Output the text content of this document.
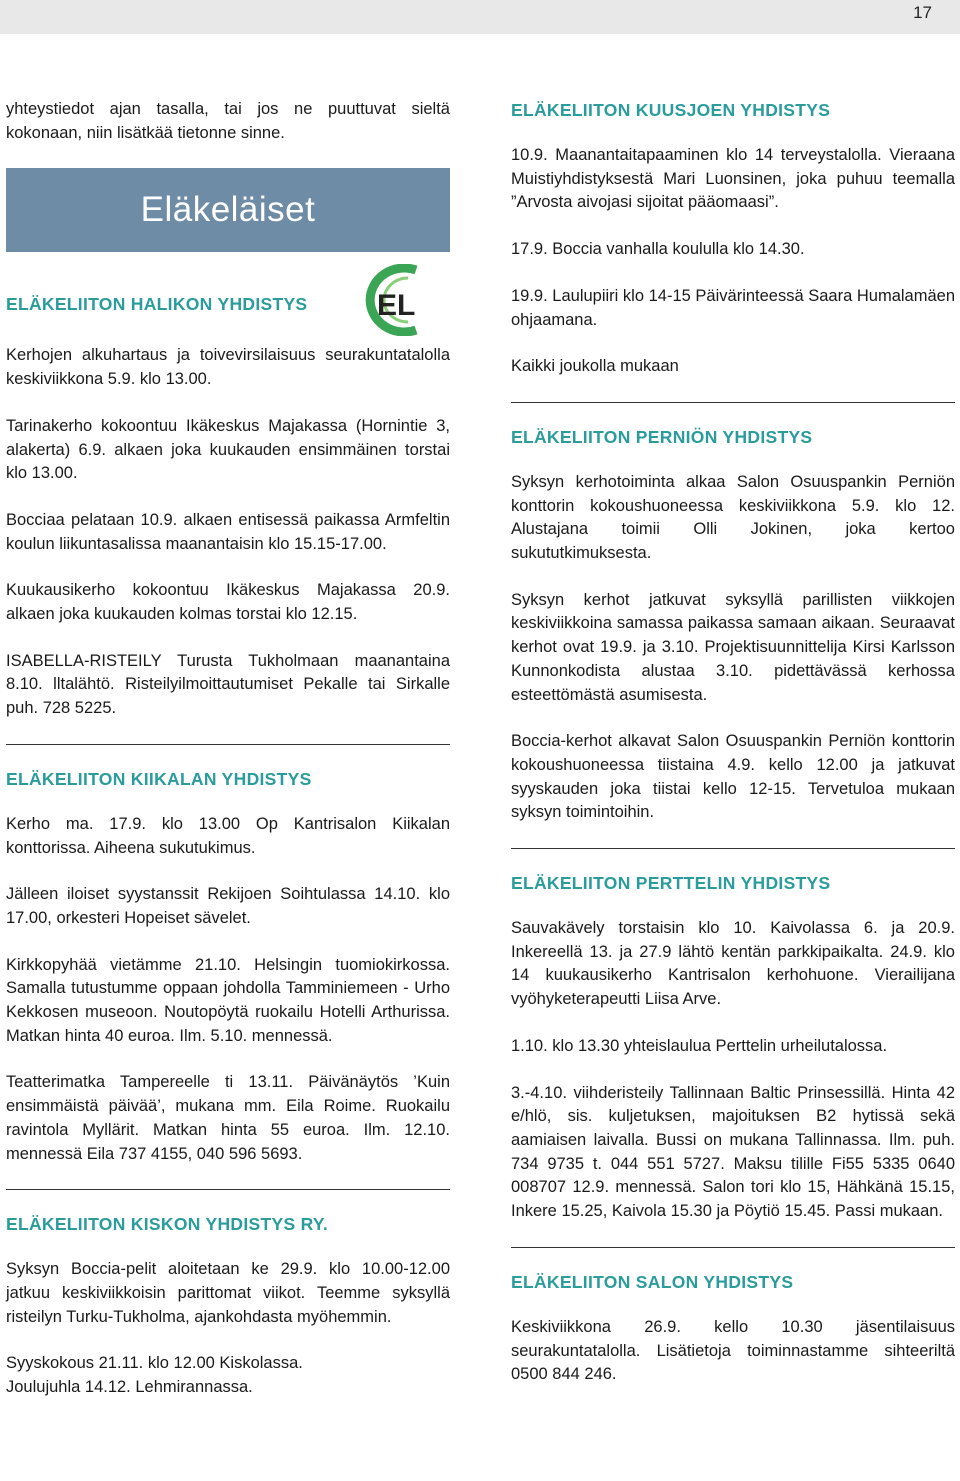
17

yhteystiedot ajan tasalla, tai jos ne puuttuvat sieltä kokonaan, niin lisätkää tietonne sinne.

Eläkeläiset
ELÄKELIITON HALIKON YHDISTYS EL

Kerhojen alkuhartaus ja toivevirsilaisuus seurakuntatalolla keskiviikkona 5.9. klo 13.00.

Tarinakerho kokoontuu Ikäkeskus Majakassa (Hornintie 3, alakerta) 6.9. alkaen joka kuukauden ensimmäinen torstai klo 13.00.

Bocciaa pelataan 10.9. alkaen entisessä paikassa Armfeltin koulun liikuntasalissa maanantaisin klo 15.15-17.00.

Kuukausikerho kokoontuu Ikäkeskus Majakassa 20.9. alkaen joka kuukauden kolmas torstai klo 12.15.

ISABELLA-RISTEILY Turusta Tukholmaan maanantaina 8.10. lltalähtö. Risteilyilmoittautumiset Pekalle tai Sirkalle puh. 728 5225.

ELÄKELIITON KIIKALAN YHDISTYS

Kerho ma. 17.9. klo 13.00 Op Kantrisalon Kiikalan konttorissa. Aiheena sukutukimus.

Jälleen iloiset syystanssit Rekijoen Soihtulassa 14.10. klo 17.00, orkesteri Hopeiset sävelet.

Kirkkopyhää vietämme 21.10. Helsingin tuomiokirkossa. Samalla tutustumme oppaan johdolla Tamminiemeen - Urho Kekkosen museoon. Noutopöytä ruokailu Hotelli Arthurissa. Matkan hinta 40 euroa. Ilm. 5.10. mennessä.

Teatterimatka Tampereelle ti 13.11. Päivänäytös ’Kuin ensimmäistä päivää’, mukana mm. Eila Roime. Ruokailu ravintola Myllärit. Matkan hinta 55 euroa. Ilm. 12.10. mennessä Eila 737 4155, 040 596 5693.

ELÄKELIITON KISKON YHDISTYS RY.

Syksyn Boccia-pelit aloitetaan ke 29.9. klo 10.00-12.00 jatkuu keskiviikkoisin parittomat viikot. Teemme syksyllä risteilyn Turku-Tukholma, ajankohdasta myöhemmin.

Syyskokous 21.11. klo 12.00 Kiskolassa.
Joulujuhla 14.12. Lehmirannassa.

ELÄKELIITON KUUSJOEN YHDISTYS

10.9. Maanantaitapaaminen klo 14 terveystalolla. Vieraana Muistiyhdistyksestä Mari Luonsinen, joka puhuu teemalla ”Arvosta aivojasi sijoitat pääomaasi”.

17.9. Boccia vanhalla koululla klo 14.30.

19.9. Laulupiiri klo 14-15 Päivärinteessä Saara Humalamäen ohjaamana.

Kaikki joukolla mukaan

ELÄKELIITON PERNIÖN YHDISTYS

Syksyn kerhotoiminta alkaa Salon Osuuspankin Perniön konttorin kokoushuoneessa keskiviikkona 5.9. klo 12. Alustajana toimii Olli Jokinen, joka kertoo sukututkimuksesta.

Syksyn kerhot jatkuvat syksyllä parillisten viikkojen keskiviikkoina samassa paikassa samaan aikaan. Seuraavat kerhot ovat 19.9. ja 3.10. Projektisuunnittelija Kirsi Karlsson Kunnonkodista alustaa 3.10. pidettävässä kerhossa esteettömästä asumisesta.

Boccia-kerhot alkavat Salon Osuuspankin Perniön konttorin kokoushuoneessa tiistaina 4.9. kello 12.00 ja jatkuvat syyskauden joka tiistai kello 12-15. Tervetuloa mukaan syksyn toimintoihin.

ELÄKELIITON PERTTELIN YHDISTYS

Sauvakävely torstaisin klo 10. Kaivolassa 6. ja 20.9. Inkereellä 13. ja 27.9 lähtö kentän parkkipaikalta. 24.9. klo 14 kuukausikerho Kantrisalon kerhohuone. Vierailijana vyöhyketerapeutti Liisa Arve.

1.10. klo 13.30 yhteislaulua Perttelin urheilutalossa.

3.-4.10. viihderisteily Tallinnaan Baltic Prinsessillä. Hinta 42 e/hlö, sis. kuljetuksen, majoituksen B2 hytissä sekä aamiaisen laivalla. Bussi on mukana Tallinnassa. Ilm. puh. 734 9735 t. 044 551 5727. Maksu tilille Fi55 5335 0640 008707 12.9. mennessä. Salon tori klo 15, Hähkänä 15.15, Inkere 15.25, Kaivola 15.30 ja Pöytiö 15.45. Passi mukaan.

ELÄKELIITON SALON YHDISTYS

Keskiviikkona 26.9. kello 10.30 jäsentilaisuus seurakuntatalolla. Lisätietoja toiminnastamme sihteeriltä 0500 844 246.
